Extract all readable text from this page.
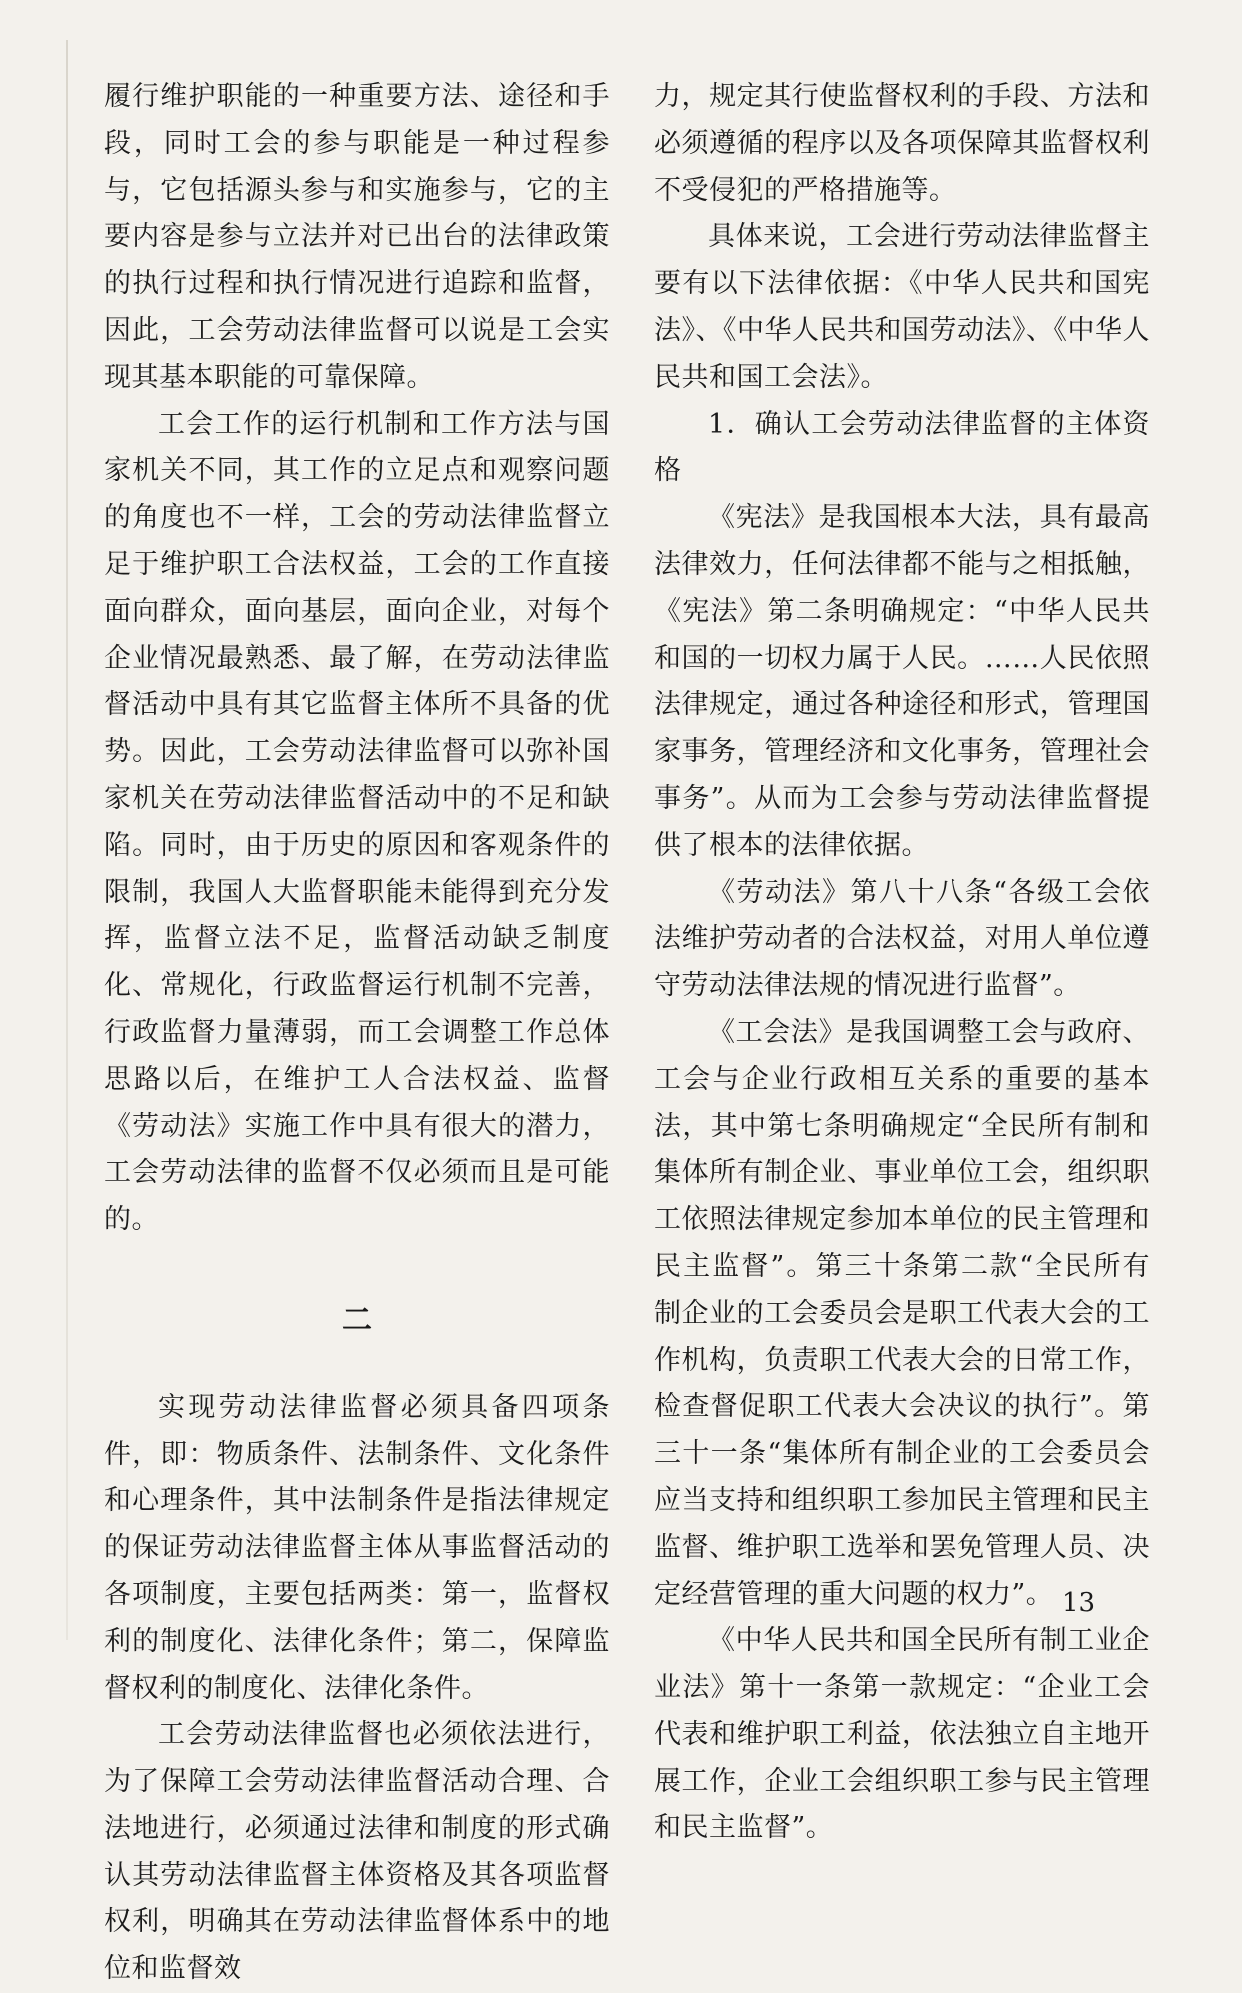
履行维护职能的一种重要方法、途径和手段，同时工会的参与职能是一种过程参与，它包括源头参与和实施参与，它的主要内容是参与立法并对已出台的法律政策的执行过程和执行情况进行追踪和监督，因此，工会劳动法律监督可以说是工会实现其基本职能的可靠保障。

工会工作的运行机制和工作方法与国家机关不同，其工作的立足点和观察问题的角度也不一样，工会的劳动法律监督立足于维护职工合法权益，工会的工作直接面向群众，面向基层，面向企业，对每个企业情况最熟悉、最了解，在劳动法律监督活动中具有其它监督主体所不具备的优势。因此，工会劳动法律监督可以弥补国家机关在劳动法律监督活动中的不足和缺陷。同时，由于历史的原因和客观条件的限制，我国人大监督职能未能得到充分发挥，监督立法不足，监督活动缺乏制度化、常规化，行政监督运行机制不完善，行政监督力量薄弱，而工会调整工作总体思路以后，在维护工人合法权益、监督《劳动法》实施工作中具有很大的潜力，工会劳动法律的监督不仅必须而且是可能的。

二

实现劳动法律监督必须具备四项条件，即：物质条件、法制条件、文化条件和心理条件，其中法制条件是指法律规定的保证劳动法律监督主体从事监督活动的各项制度，主要包括两类：第一，监督权利的制度化、法律化条件；第二，保障监督权利的制度化、法律化条件。

工会劳动法律监督也必须依法进行，为了保障工会劳动法律监督活动合理、合法地进行，必须通过法律和制度的形式确认其劳动法律监督主体资格及其各项监督权利，明确其在劳动法律监督体系中的地位和监督效

力，规定其行使监督权利的手段、方法和必须遵循的程序以及各项保障其监督权利不受侵犯的严格措施等。

具体来说，工会进行劳动法律监督主要有以下法律依据：《中华人民共和国宪法》、《中华人民共和国劳动法》、《中华人民共和国工会法》。

1．确认工会劳动法律监督的主体资格

《宪法》是我国根本大法，具有最高法律效力，任何法律都不能与之相抵触，《宪法》第二条明确规定：“中华人民共和国的一切权力属于人民。……人民依照法律规定，通过各种途径和形式，管理国家事务，管理经济和文化事务，管理社会事务”。从而为工会参与劳动法律监督提供了根本的法律依据。

《劳动法》第八十八条“各级工会依法维护劳动者的合法权益，对用人单位遵守劳动法律法规的情况进行监督”。

《工会法》是我国调整工会与政府、工会与企业行政相互关系的重要的基本法，其中第七条明确规定“全民所有制和集体所有制企业、事业单位工会，组织职工依照法律规定参加本单位的民主管理和民主监督”。第三十条第二款“全民所有制企业的工会委员会是职工代表大会的工作机构，负责职工代表大会的日常工作，检查督促职工代表大会决议的执行”。第三十一条“集体所有制企业的工会委员会应当支持和组织职工参加民主管理和民主监督、维护职工选举和罢免管理人员、决定经营管理的重大问题的权力”。

《中华人民共和国全民所有制工业企业法》第十一条第一款规定：“企业工会代表和维护职工利益，依法独立自主地开展工作，企业工会组织职工参与民主管理和民主监督”。

13
